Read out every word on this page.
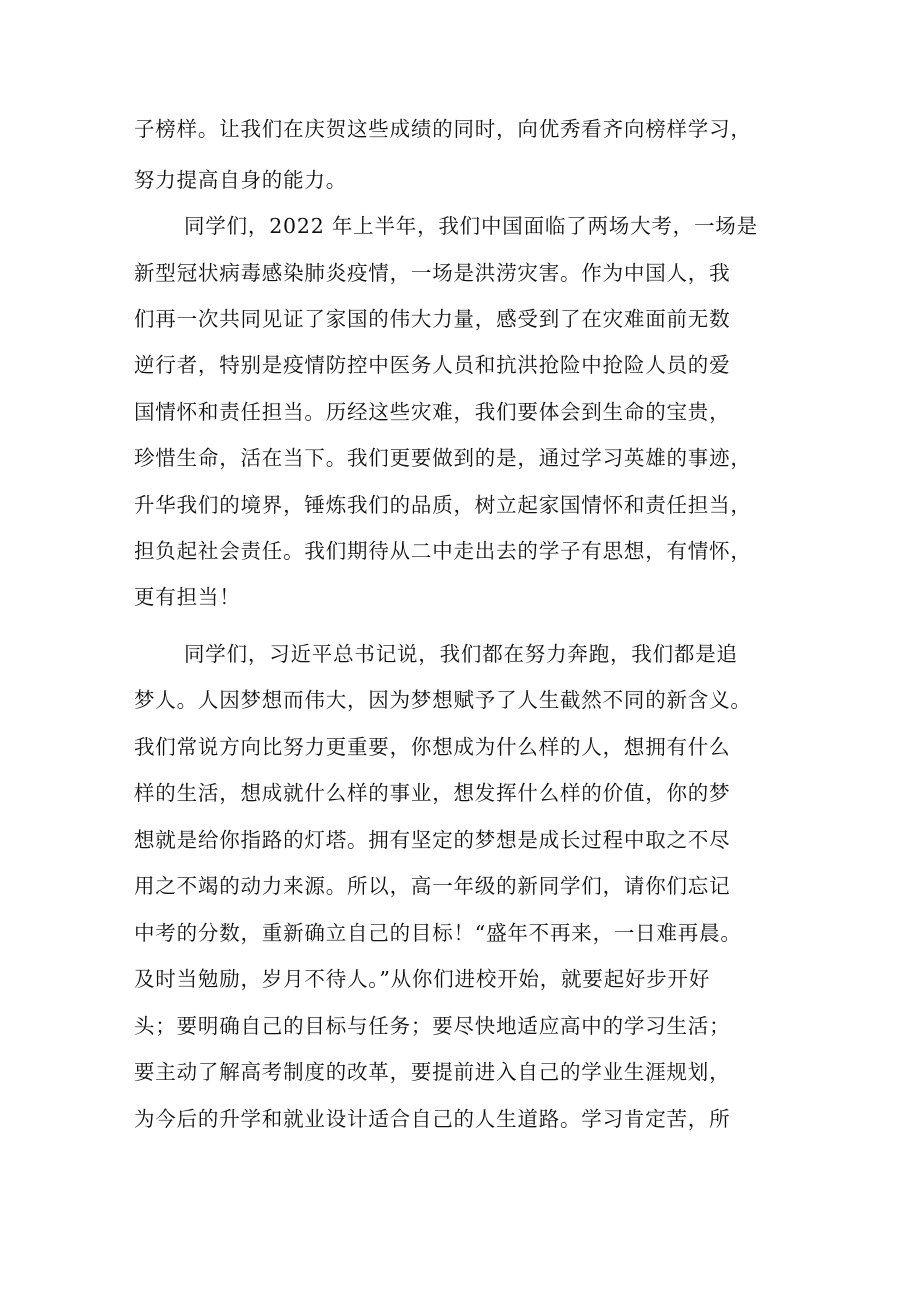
子榜样。让我们在庆贺这些成绩的同时，向优秀看齐向榜样学习，
努力提高自身的能力。
同学们，2022 年上半年，我们中国面临了两场大考，一场是
新型冠状病毒感染肺炎疫情，一场是洪涝灾害。作为中国人，我
们再一次共同见证了家国的伟大力量，感受到了在灾难面前无数
逆行者，特别是疫情防控中医务人员和抗洪抢险中抢险人员的爱
国情怀和责任担当。历经这些灾难，我们要体会到生命的宝贵，
珍惜生命，活在当下。我们更要做到的是，通过学习英雄的事迹，
升华我们的境界，锤炼我们的品质，树立起家国情怀和责任担当，
担负起社会责任。我们期待从二中走出去的学子有思想，有情怀，
更有担当！
同学们，习近平总书记说，我们都在努力奔跑，我们都是追
梦人。人因梦想而伟大，因为梦想赋予了人生截然不同的新含义。
我们常说方向比努力更重要，你想成为什么样的人，想拥有什么
样的生活，想成就什么样的事业，想发挥什么样的价值，你的梦
想就是给你指路的灯塔。拥有坚定的梦想是成长过程中取之不尽
用之不竭的动力来源。所以，高一年级的新同学们，请你们忘记
中考的分数，重新确立自己的目标！“盛年不再来，一日难再晨。
及时当勉励，岁月不待人。”从你们进校开始，就要起好步开好
头；要明确自己的目标与任务；要尽快地适应高中的学习生活；
要主动了解高考制度的改革，要提前进入自己的学业生涯规划，
为今后的升学和就业设计适合自己的人生道路。学习肯定苦，所
